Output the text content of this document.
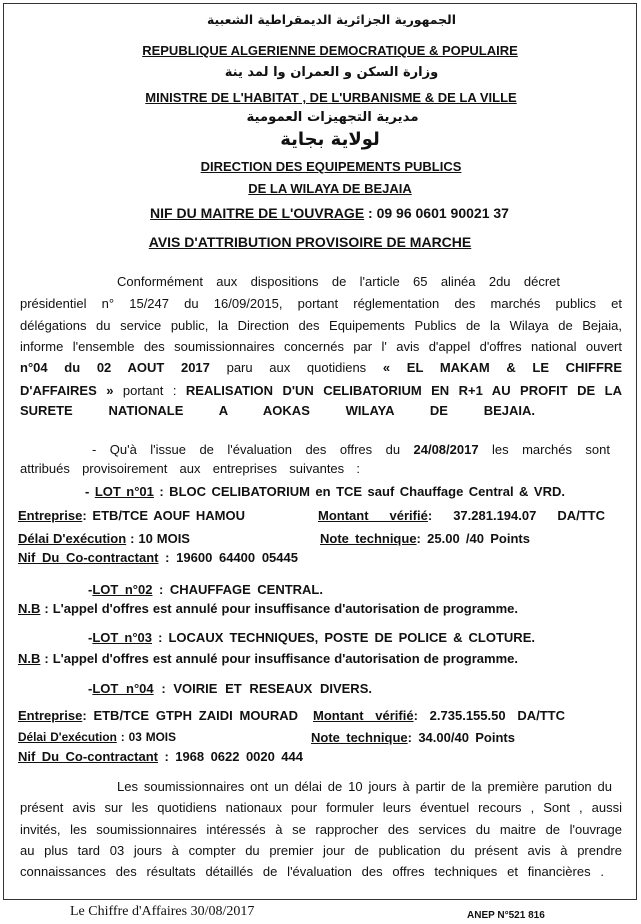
الجمهورية الجزائرية الديمقراطية الشعبية
REPUBLIQUE ALGERIENNE DEMOCRATIQUE & POPULAIRE
وزارة السكن و العمران وا لمد ينة
MINISTRE DE L'HABITAT , DE L'URBANISME & DE LA VILLE
مديرية التجهيزات العمومية
لولاية بجاية
DIRECTION DES EQUIPEMENTS PUBLICS
DE LA WILAYA DE BEJAIA
NIF DU MAITRE DE L'OUVRAGE : 09 96 0601 90021 37
AVIS D'ATTRIBUTION PROVISOIRE DE MARCHE
Conformément aux dispositions de l'article 65 alinéa 2du décret
présidentiel n° 15/247 du 16/09/2015, portant réglementation des marchés publics et
délégations du service public, la Direction des Equipements Publics de la Wilaya de Bejaia,
informe l'ensemble des soumissionnaires concernés par l' avis d'appel d'offres national ouvert
n°04 du 02 AOUT 2017 paru aux quotidiens « EL MAKAM & LE CHIFFRE
D'AFFAIRES » portant : REALISATION D'UN CELIBATORIUM EN R+1 AU PROFIT DE LA
SURETE NATIONALE A AOKAS WILAYA DE BEJAIA.
- Qu'à l'issue de l'évaluation des offres du 24/08/2017 les marchés sont
attribués provisoirement aux entreprises suivantes :
- LOT n°01 : BLOC CELIBATORIUM en TCE sauf Chauffage Central & VRD.
Entreprise: ETB/TCE AOUF HAMOU	Montant vérifié: 37.281.194.07 DA/TTC
Délai D'exécution : 10 MOIS	Note technique: 25.00 /40 Points
Nif Du Co-contractant : 19600 64400 05445
-LOT n°02 : CHAUFFAGE CENTRAL.
N.B : L'appel d'offres est annulé pour insuffisance d'autorisation de programme.
-LOT n°03 : LOCAUX TECHNIQUES, POSTE DE POLICE & CLOTURE.
N.B : L'appel d'offres est annulé pour insuffisance d'autorisation de programme.
-LOT n°04 : VOIRIE ET RESEAUX DIVERS.
Entreprise: ETB/TCE GTPH ZAIDI MOURAD Montant vérifié: 2.735.155.50 DA/TTC
Délai D'exécution : 03 MOIS	Note technique: 34.00/40 Points
Nif Du Co-contractant : 1968 0622 0020 444
Les soumissionnaires ont un délai de 10 jours à partir de la première parution du
présent avis sur les quotidiens nationaux pour formuler leurs éventuel recours , Sont , aussi
invités, les soumissionnaires intéressés à se rapprocher des services du maitre de l'ouvrage
au plus tard 03 jours à compter du premier jour de publication du présent avis à prendre
connaissances des résultats détaillés de l'évaluation des offres techniques et financières .
Le Chiffre d'Affaires 30/08/2017	ANEP N°521 816
